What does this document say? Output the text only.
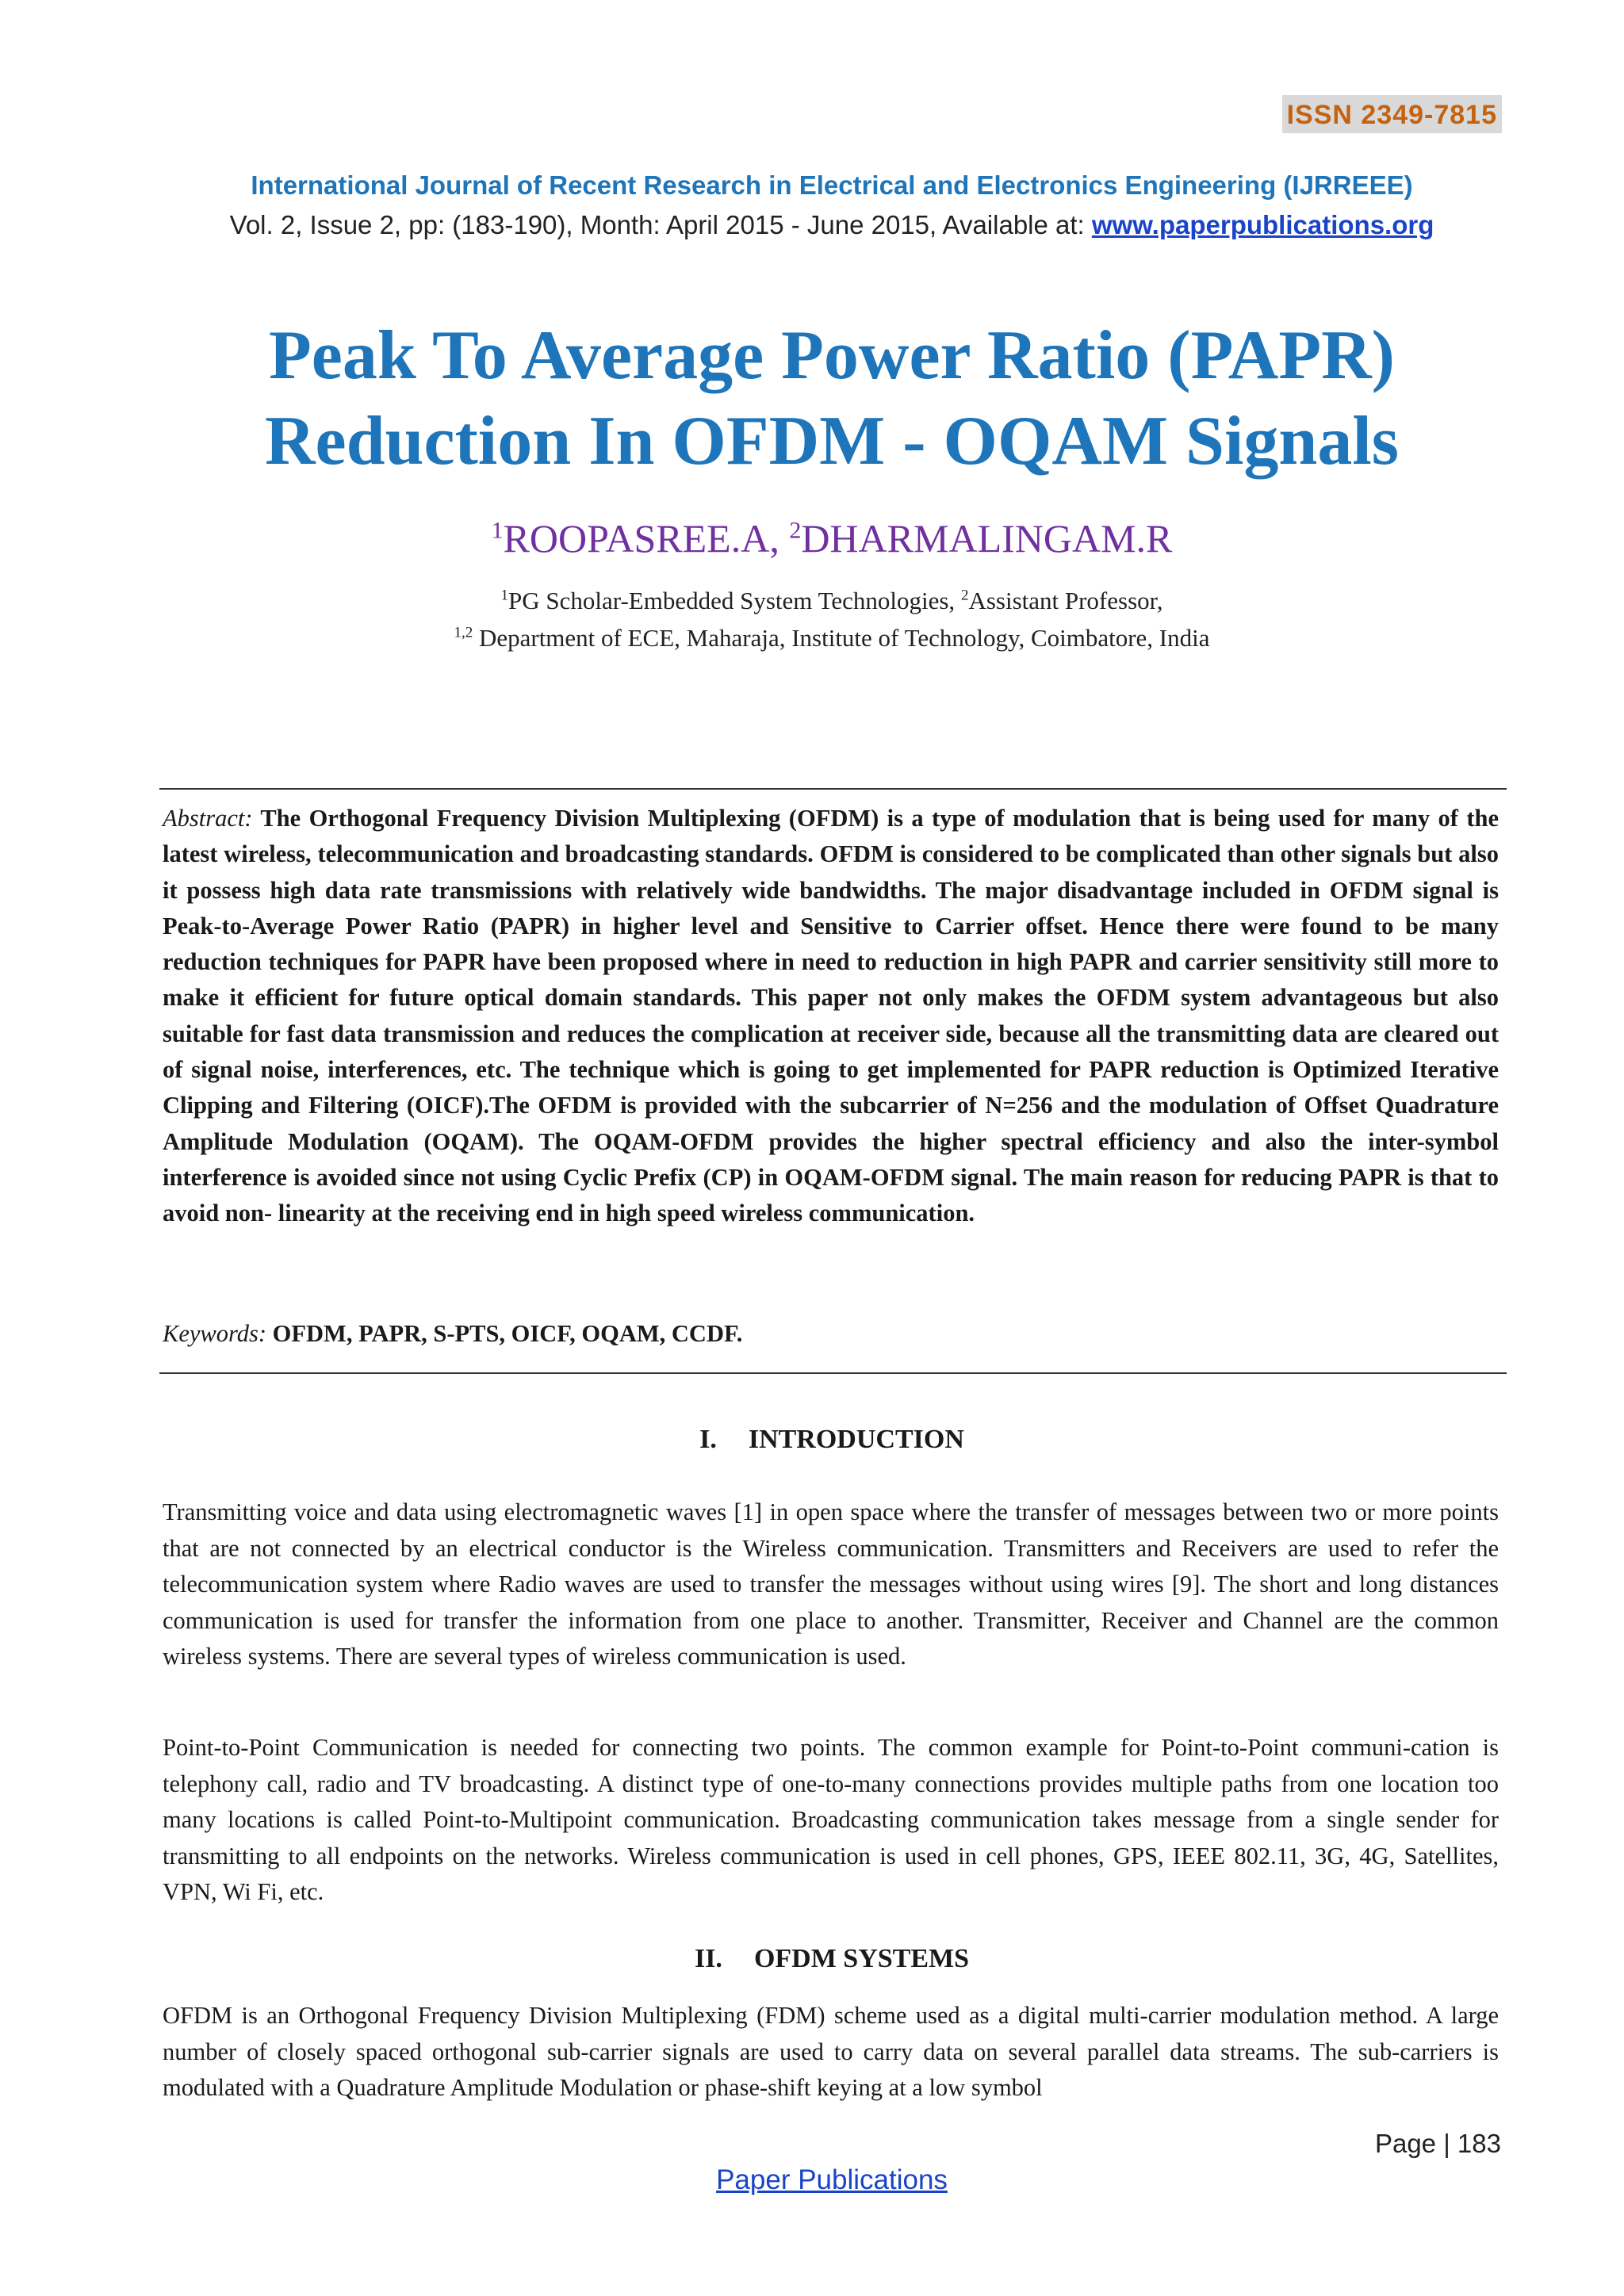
ISSN 2349-7815
International Journal of Recent Research in Electrical and Electronics Engineering (IJRREEE)
Vol. 2, Issue 2, pp: (183-190), Month: April 2015 - June 2015, Available at: www.paperpublications.org
Peak To Average Power Ratio (PAPR)
Reduction In OFDM - OQAM Signals
$^1$ROOPASREE.A, $^2$DHARMALINGAM.R
$^1$PG Scholar-Embedded System Technologies, $^2$Assistant Professor,
$^{1,2}$ Department of ECE, Maharaja, Institute of Technology, Coimbatore, India
Abstract: The Orthogonal Frequency Division Multiplexing (OFDM) is a type of modulation that is being used for many of the latest wireless, telecommunication and broadcasting standards. OFDM is considered to be complicated than other signals but also it possess high data rate transmissions with relatively wide bandwidths. The major disadvantage included in OFDM signal is Peak-to-Average Power Ratio (PAPR) in higher level and Sensitive to Carrier offset. Hence there were found to be many reduction techniques for PAPR have been proposed where in need to reduction in high PAPR and carrier sensitivity still more to make it efficient for future optical domain standards. This paper not only makes the OFDM system advantageous but also suitable for fast data transmission and reduces the complication at receiver side, because all the transmitting data are cleared out of signal noise, interferences, etc. The technique which is going to get implemented for PAPR reduction is Optimized Iterative Clipping and Filtering (OICF).The OFDM is provided with the subcarrier of N=256 and the modulation of Offset Quadrature Amplitude Modulation (OQAM). The OQAM-OFDM provides the higher spectral efficiency and also the inter-symbol interference is avoided since not using Cyclic Prefix (CP) in OQAM-OFDM signal. The main reason for reducing PAPR is that to avoid non- linearity at the receiving end in high speed wireless communication.
Keywords: OFDM, PAPR, S-PTS, OICF, OQAM, CCDF.
I. INTRODUCTION
Transmitting voice and data using electromagnetic waves [1] in open space where the transfer of messages between two or more points that are not connected by an electrical conductor is the Wireless communication. Transmitters and Receivers are used to refer the telecommunication system where Radio waves are used to transfer the messages without using wires [9]. The short and long distances communication is used for transfer the information from one place to another. Transmitter, Receiver and Channel are the common wireless systems. There are several types of wireless communication is used.
Point-to-Point Communication is needed for connecting two points. The common example for Point-to-Point communi-cation is telephony call, radio and TV broadcasting. A distinct type of one-to-many connections provides multiple paths from one location too many locations is called Point-to-Multipoint communication. Broadcasting communication takes message from a single sender for transmitting to all endpoints on the networks. Wireless communication is used in cell phones, GPS, IEEE 802.11, 3G, 4G, Satellites, VPN, Wi Fi, etc.
II. OFDM SYSTEMS
OFDM is an Orthogonal Frequency Division Multiplexing (FDM) scheme used as a digital multi-carrier modulation method. A large number of closely spaced orthogonal sub-carrier signals are used to carry data on several parallel data streams. The sub-carriers is modulated with a Quadrature Amplitude Modulation or phase-shift keying at a low symbol
Page | 183
Paper Publications
